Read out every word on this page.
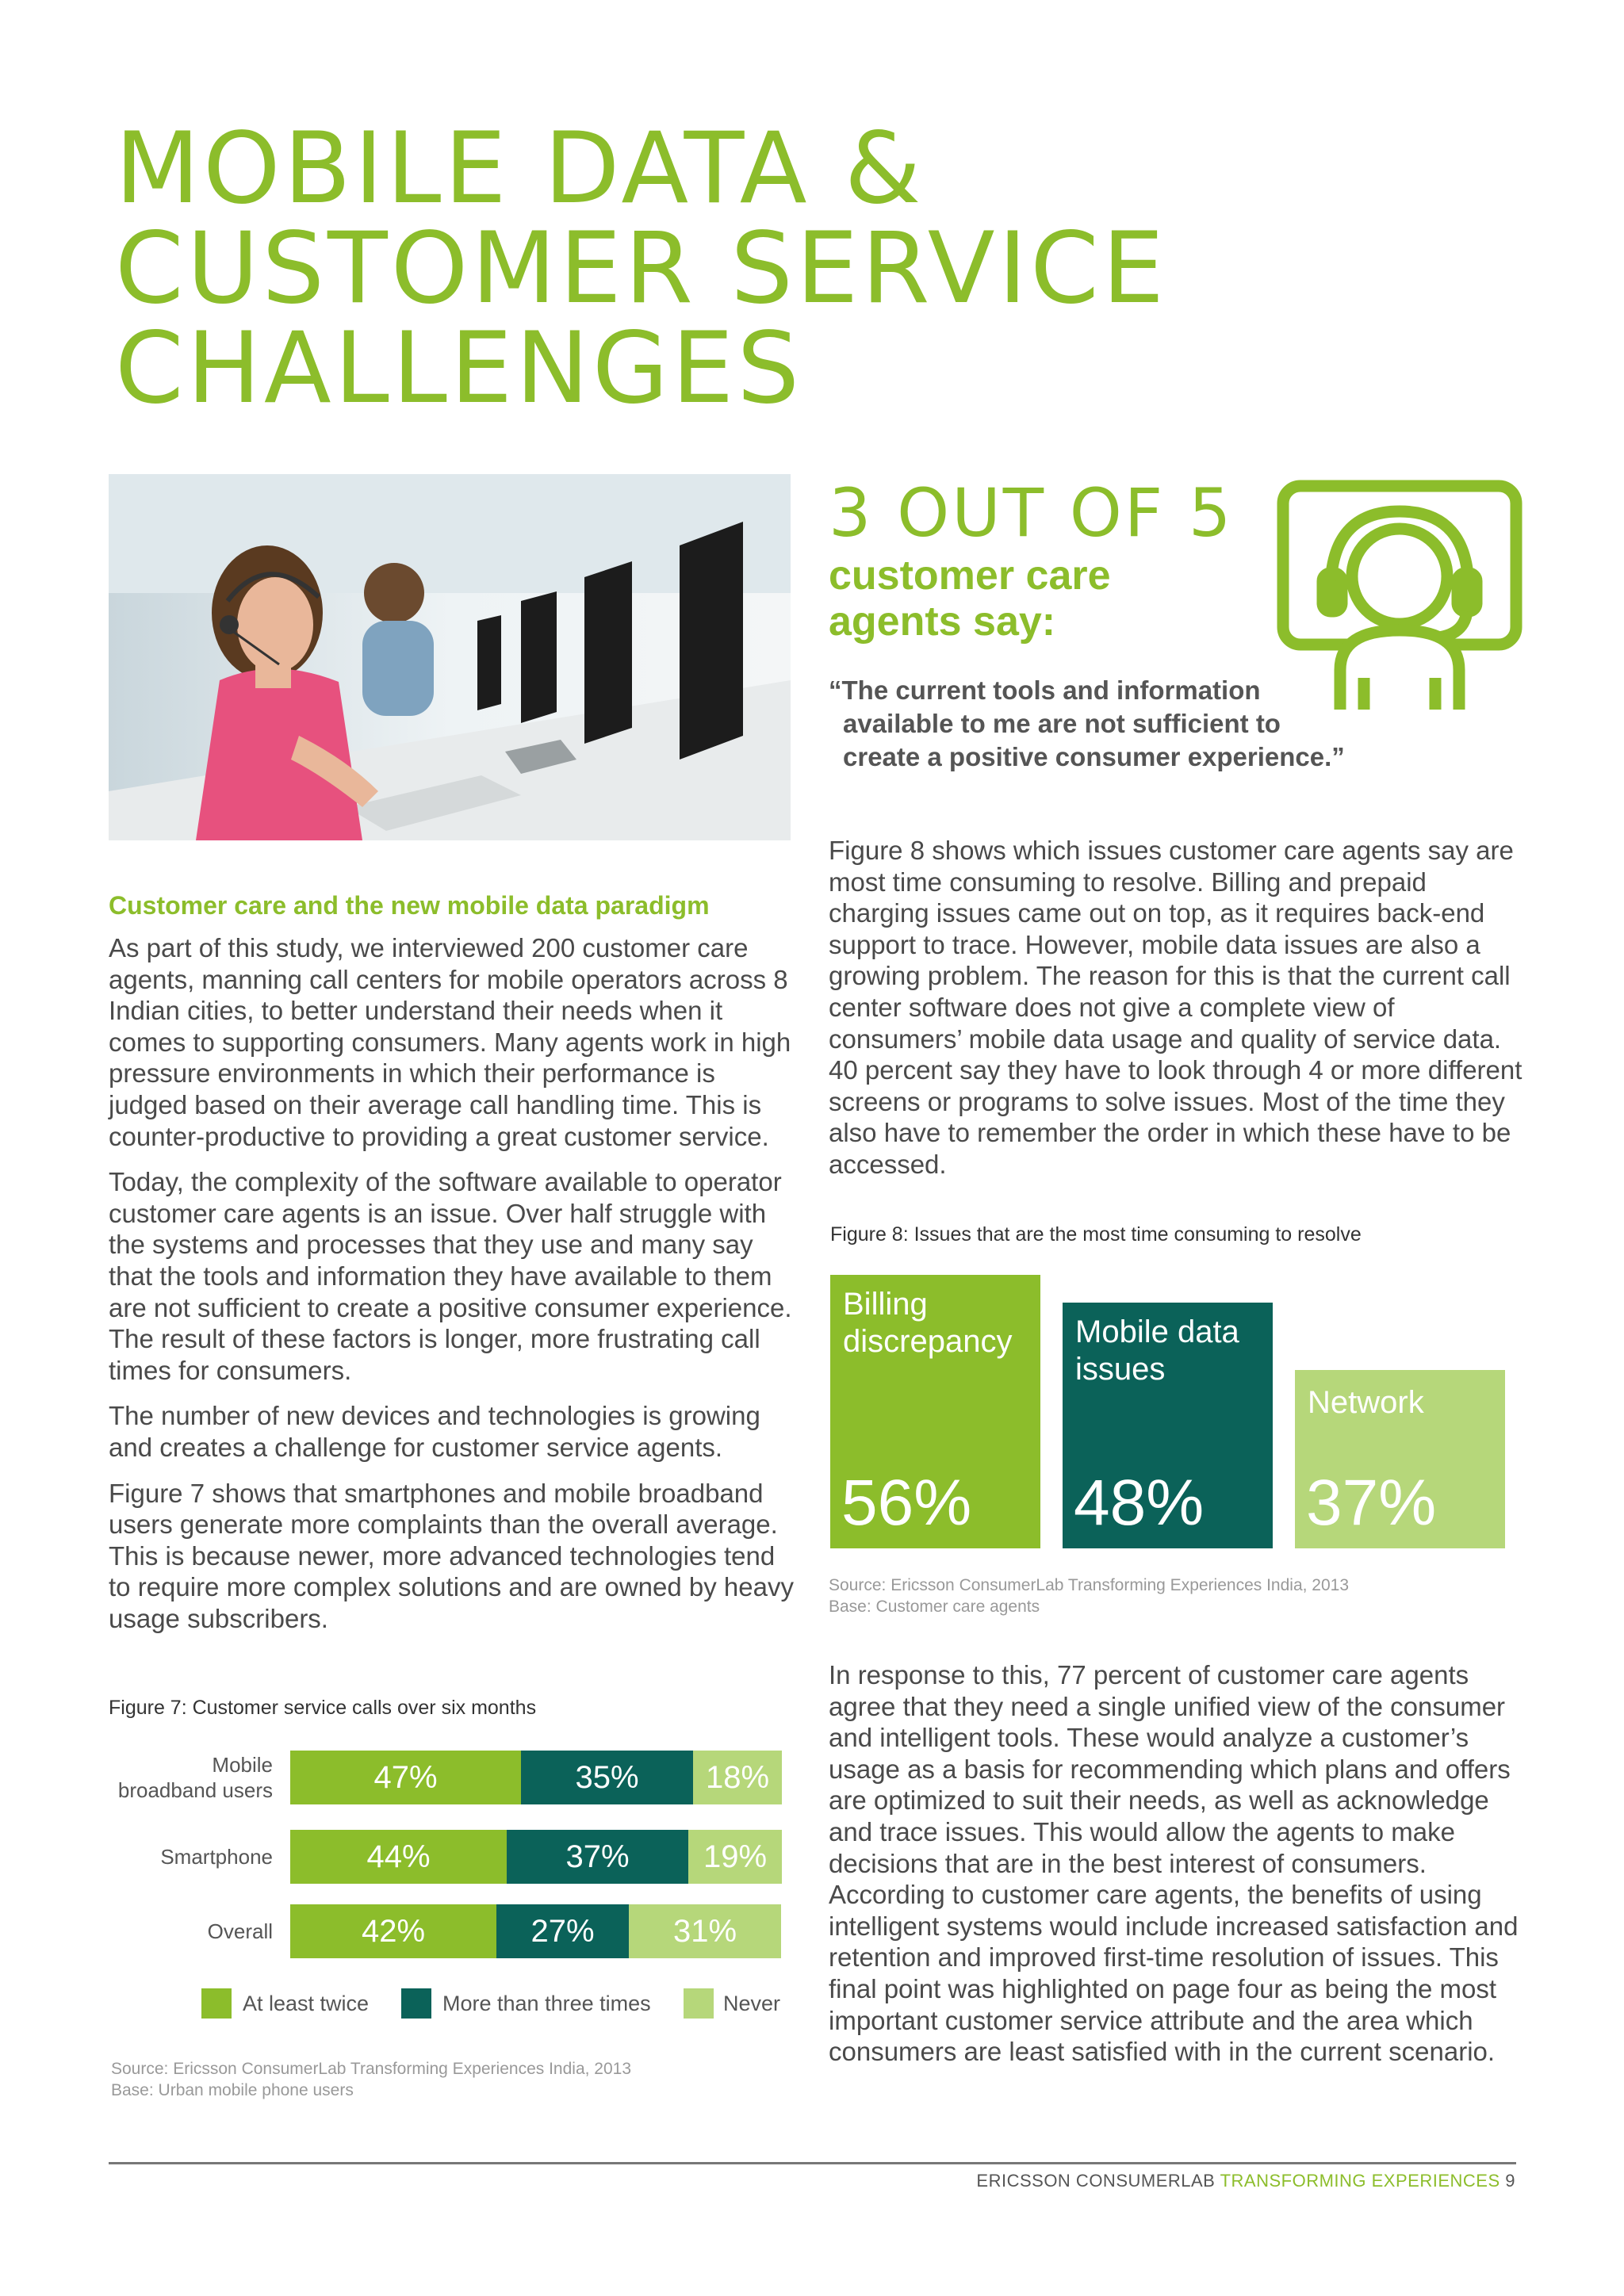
MOBILE DATA &
CUSTOMER SERVICE
CHALLENGES
3 OUT OF 5
customer care agents say:
“The current tools and information
available to me are not sufficient to
create a positive consumer experience.”
Customer care and the new mobile data paradigm

As part of this study, we interviewed 200 customer care agents, manning call centers for mobile operators across 8 Indian cities, to better understand their needs when it comes to supporting consumers. Many agents work in high pressure environments in which their performance is judged based on their average call handling time. This is counter-productive to providing a great customer service.

Today, the complexity of the software available to operator customer care agents is an issue. Over half struggle with the systems and processes that they use and many say that the tools and information they have available to them are not sufficient to create a positive consumer experience. The result of these factors is longer, more frustrating call times for consumers.

The number of new devices and technologies is growing and creates a challenge for customer service agents.

Figure 7 shows that smartphones and mobile broadband users generate more complaints than the overall average. This is because newer, more advanced technologies tend to require more complex solutions and are owned by heavy usage subscribers.

Figure 8 shows which issues customer care agents say are most time consuming to resolve. Billing and prepaid charging issues came out on top, as it requires back-end support to trace. However, mobile data issues are also a growing problem. The reason for this is that the current call center software does not give a complete view of consumers’ mobile data usage and quality of service data. 40 percent say they have to look through 4 or more different screens or programs to solve issues. Most of the time they also have to remember the order in which these have to be accessed.

Figure 8: Issues that are the most time consuming to resolve
Billing discrepancy
56%
Mobile data issues
48%
Network
37%
Source: Ericsson ConsumerLab Transforming Experiences India, 2013
Base: Customer care agents

In response to this, 77 percent of customer care agents agree that they need a single unified view of the consumer and intelligent tools. These would analyze a customer’s usage as a basis for recommending which plans and offers are optimized to suit their needs, as well as acknowledge and trace issues. This would allow the agents to make decisions that are in the best interest of consumers. According to customer care agents, the benefits of using intelligent systems would include increased satisfaction and retention and improved first-time resolution of issues. This final point was highlighted on page four as being the most important customer service attribute and the area which consumers are least satisfied with in the current scenario.

Figure 7: Customer service calls over six months
Mobile
broadband users	47%	35%	18%
Smartphone	44%	37%	19%
Overall	42%	27%	31%
At least twice	More than three times	Never
Source: Ericsson ConsumerLab Transforming Experiences India, 2013
Base: Urban mobile phone users
ERICSSON CONSUMERLAB TRANSFORMING EXPERIENCES 9
